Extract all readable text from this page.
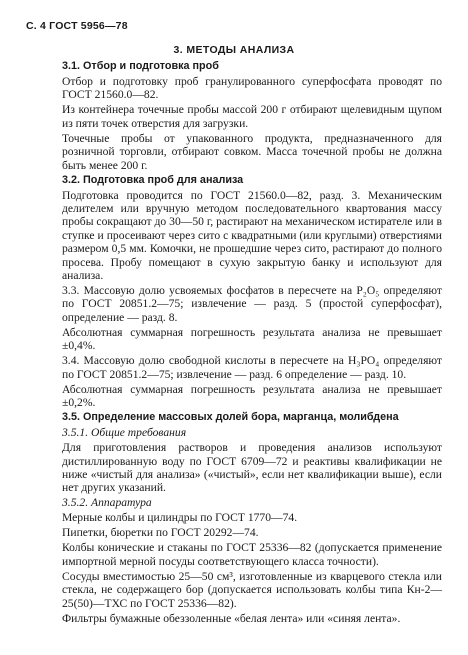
С. 4 ГОСТ 5956—78
3. МЕТОДЫ АНАЛИЗА

3.1. Отбор и подготовка проб

Отбор и подготовку проб гранулированного суперфосфата проводят по ГОСТ 21560.0—82.

Из контейнера точечные пробы массой 200 г отбирают щелевидным щупом из пяти точек отверстия для загрузки.

Точечные пробы от упакованного продукта, предназначенного для розничной торговли, отбирают совком. Масса точечной пробы не должна быть менее 200 г.

3.2. Подготовка проб для анализа

Подготовка проводится по ГОСТ 21560.0—82, разд. 3. Механическим делителем или вручную методом последовательного квартования массу пробы сокращают до 30—50 г, растирают на механическом истирателе или в ступке и просеивают через сито с квадратными (или круглыми) отверстиями размером 0,5 мм. Комочки, не прошедшие через сито, растирают до полного просева. Пробу помещают в сухую закрытую банку и используют для анализа.

3.3. Массовую долю усвояемых фосфатов в пересчете на P₂O₅ определяют по ГОСТ 20851.2—75; извлечение — разд. 5 (простой суперфосфат), определение — разд. 8.

Абсолютная суммарная погрешность результата анализа не превышает ±0,4%.

3.4. Массовую долю свободной кислоты в пересчете на H₃PO₄ определяют по ГОСТ 20851.2—75; извлечение — разд. 6 определение — разд. 10.

Абсолютная суммарная погрешность результата анализа не превышает ±0,2%.

3.5. Определение массовых долей бора, марганца, молибдена

3.5.1. Общие требования

Для приготовления растворов и проведения анализов используют дистиллированную воду по ГОСТ 6709—72 и реактивы квалификации не ниже «чистый для анализа» («чистый», если нет квалификации выше), если нет других указаний.

3.5.2. Аппаратура

Мерные колбы и цилиндры по ГОСТ 1770—74.

Пипетки, бюретки по ГОСТ 20292—74.

Колбы конические и стаканы по ГОСТ 25336—82 (допускается применение импортной мерной посуды соответствующего класса точности).

Сосуды вместимостью 25—50 см³, изготовленные из кварцевого стекла или стекла, не содержащего бор (допускается использовать колбы типа Кн-2—25(50)—ТХС по ГОСТ 25336—82).

Фильтры бумажные обеззоленные «белая лента» или «синяя лента».
